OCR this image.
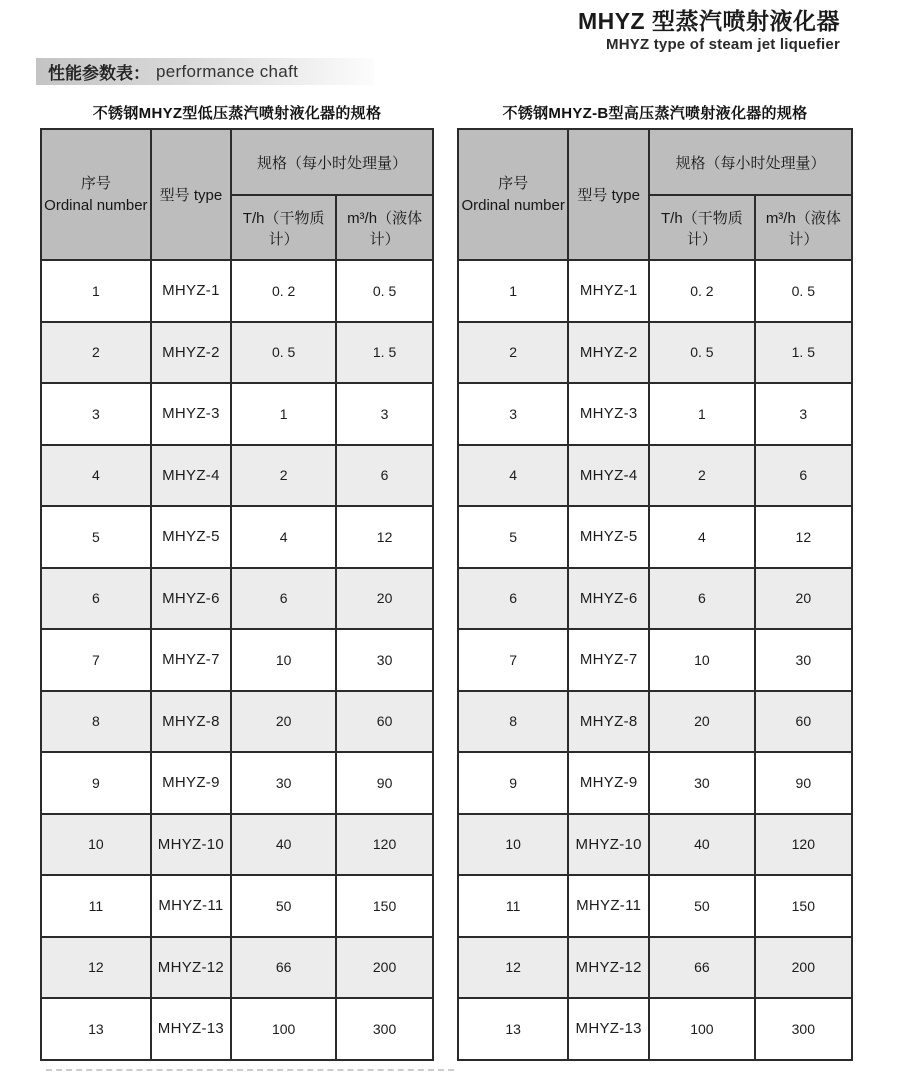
MHYZ 型蒸汽喷射液化器
MHYZ type of steam jet liquefier
性能参数表： performance chaft
不锈钢MHYZ型低压蒸汽喷射液化器的规格	不锈钢MHYZ-B型高压蒸汽喷射液化器的规格
序号
Ordinal number	型号 type	规格（每小时处理量）	
		T/h（干物质计）	m³/h（液体计）
1	MHYZ-1	0. 2	0. 5
2	MHYZ-2	0. 5	1. 5
3	MHYZ-3	1	3
4	MHYZ-4	2	6
5	MHYZ-5	4	12
6	MHYZ-6	6	20
7	MHYZ-7	10	30
8	MHYZ-8	20	60
9	MHYZ-9	30	90
10	MHYZ-10	40	120
11	MHYZ-11	50	150
12	MHYZ-12	66	200
13	MHYZ-13	100	300
序号
Ordinal number	型号 type	规格（每小时处理量）	
		T/h（干物质计）	m³/h（液体计）
1	MHYZ-1	0. 2	0. 5
2	MHYZ-2	0. 5	1. 5
3	MHYZ-3	1	3
4	MHYZ-4	2	6
5	MHYZ-5	4	12
6	MHYZ-6	6	20
7	MHYZ-7	10	30
8	MHYZ-8	20	60
9	MHYZ-9	30	90
10	MHYZ-10	40	120
11	MHYZ-11	50	150
12	MHYZ-12	66	200
13	MHYZ-13	100	300
